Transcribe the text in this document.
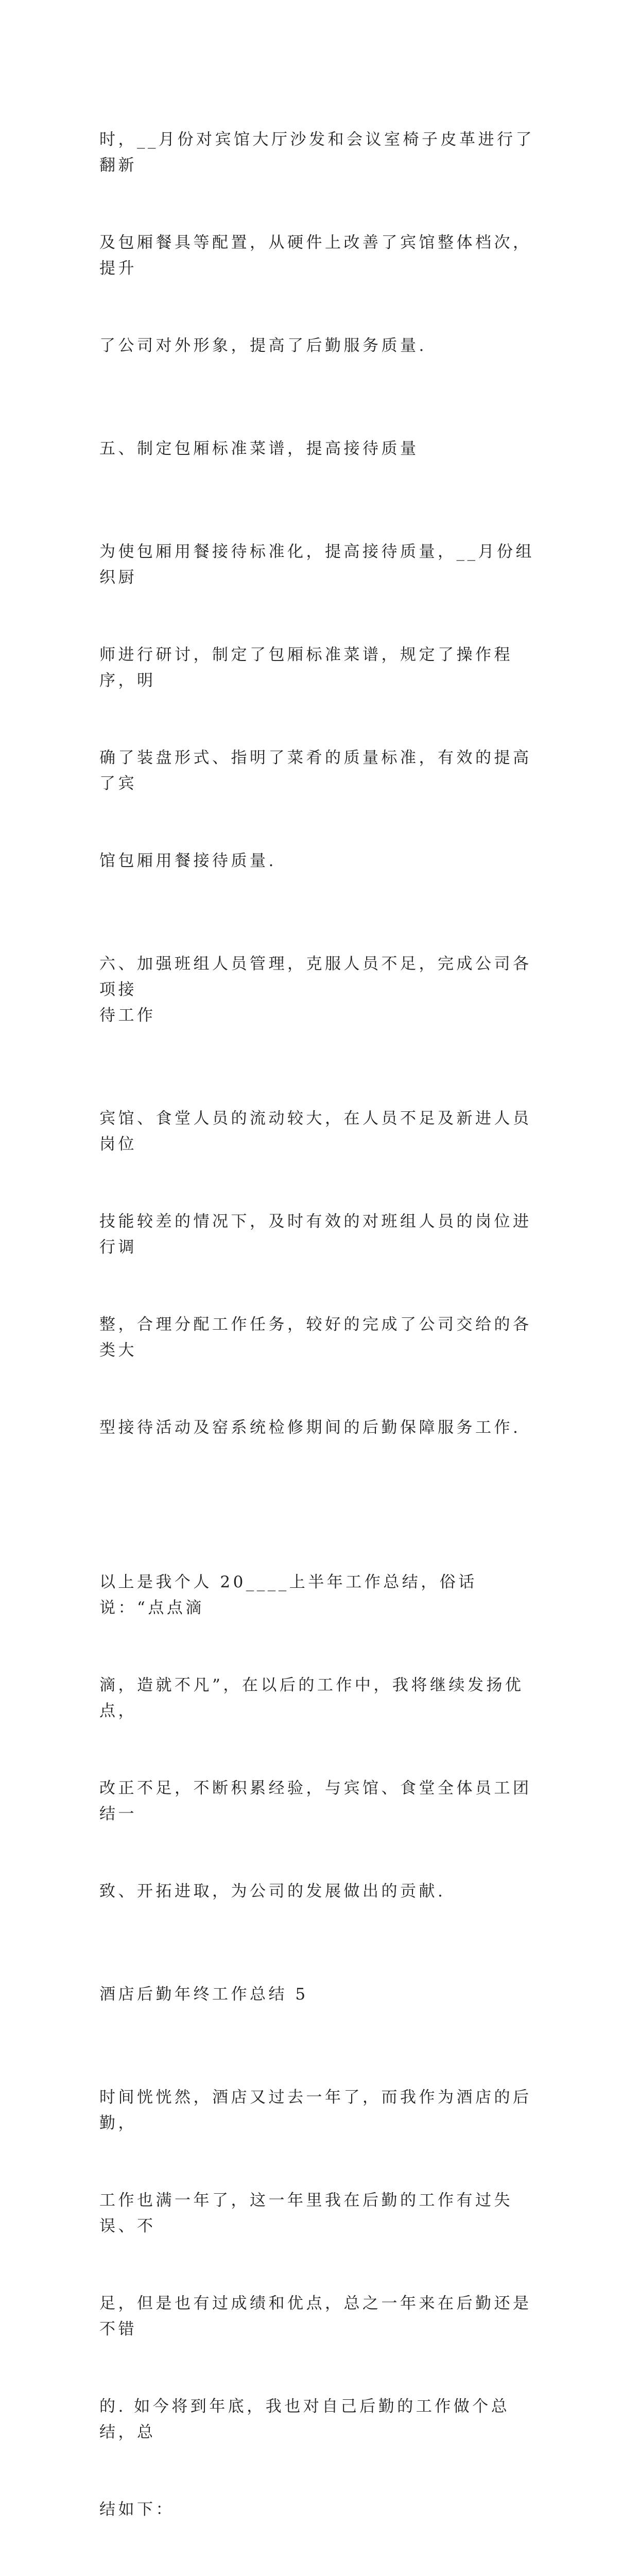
时，__月份对宾馆大厅沙发和会议室椅子皮革进行了翻新

及包厢餐具等配置，从硬件上改善了宾馆整体档次，提升

了公司对外形象，提高了后勤服务质量.

五、制定包厢标准菜谱，提高接待质量

为使包厢用餐接待标准化，提高接待质量，__月份组织厨

师进行研讨，制定了包厢标准菜谱，规定了操作程序，明

确了装盘形式、指明了菜肴的质量标准，有效的提高了宾

馆包厢用餐接待质量.

六、加强班组人员管理，克服人员不足，完成公司各项接
待工作

宾馆、食堂人员的流动较大，在人员不足及新进人员岗位

技能较差的情况下，及时有效的对班组人员的岗位进行调

整，合理分配工作任务，较好的完成了公司交给的各类大

型接待活动及窑系统检修期间的后勤保障服务工作.

以上是我个人 20____上半年工作总结，俗话说：“点点滴

滴，造就不凡”，在以后的工作中，我将继续发扬优点，

改正不足，不断积累经验，与宾馆、食堂全体员工团结一

致、开拓进取，为公司的发展做出的贡献.

酒店后勤年终工作总结 5

时间恍恍然，酒店又过去一年了，而我作为酒店的后勤，

工作也满一年了，这一年里我在后勤的工作有过失误、不

足，但是也有过成绩和优点，总之一年来在后勤还是不错

的. 如今将到年底，我也对自己后勤的工作做个总结，总

结如下：
